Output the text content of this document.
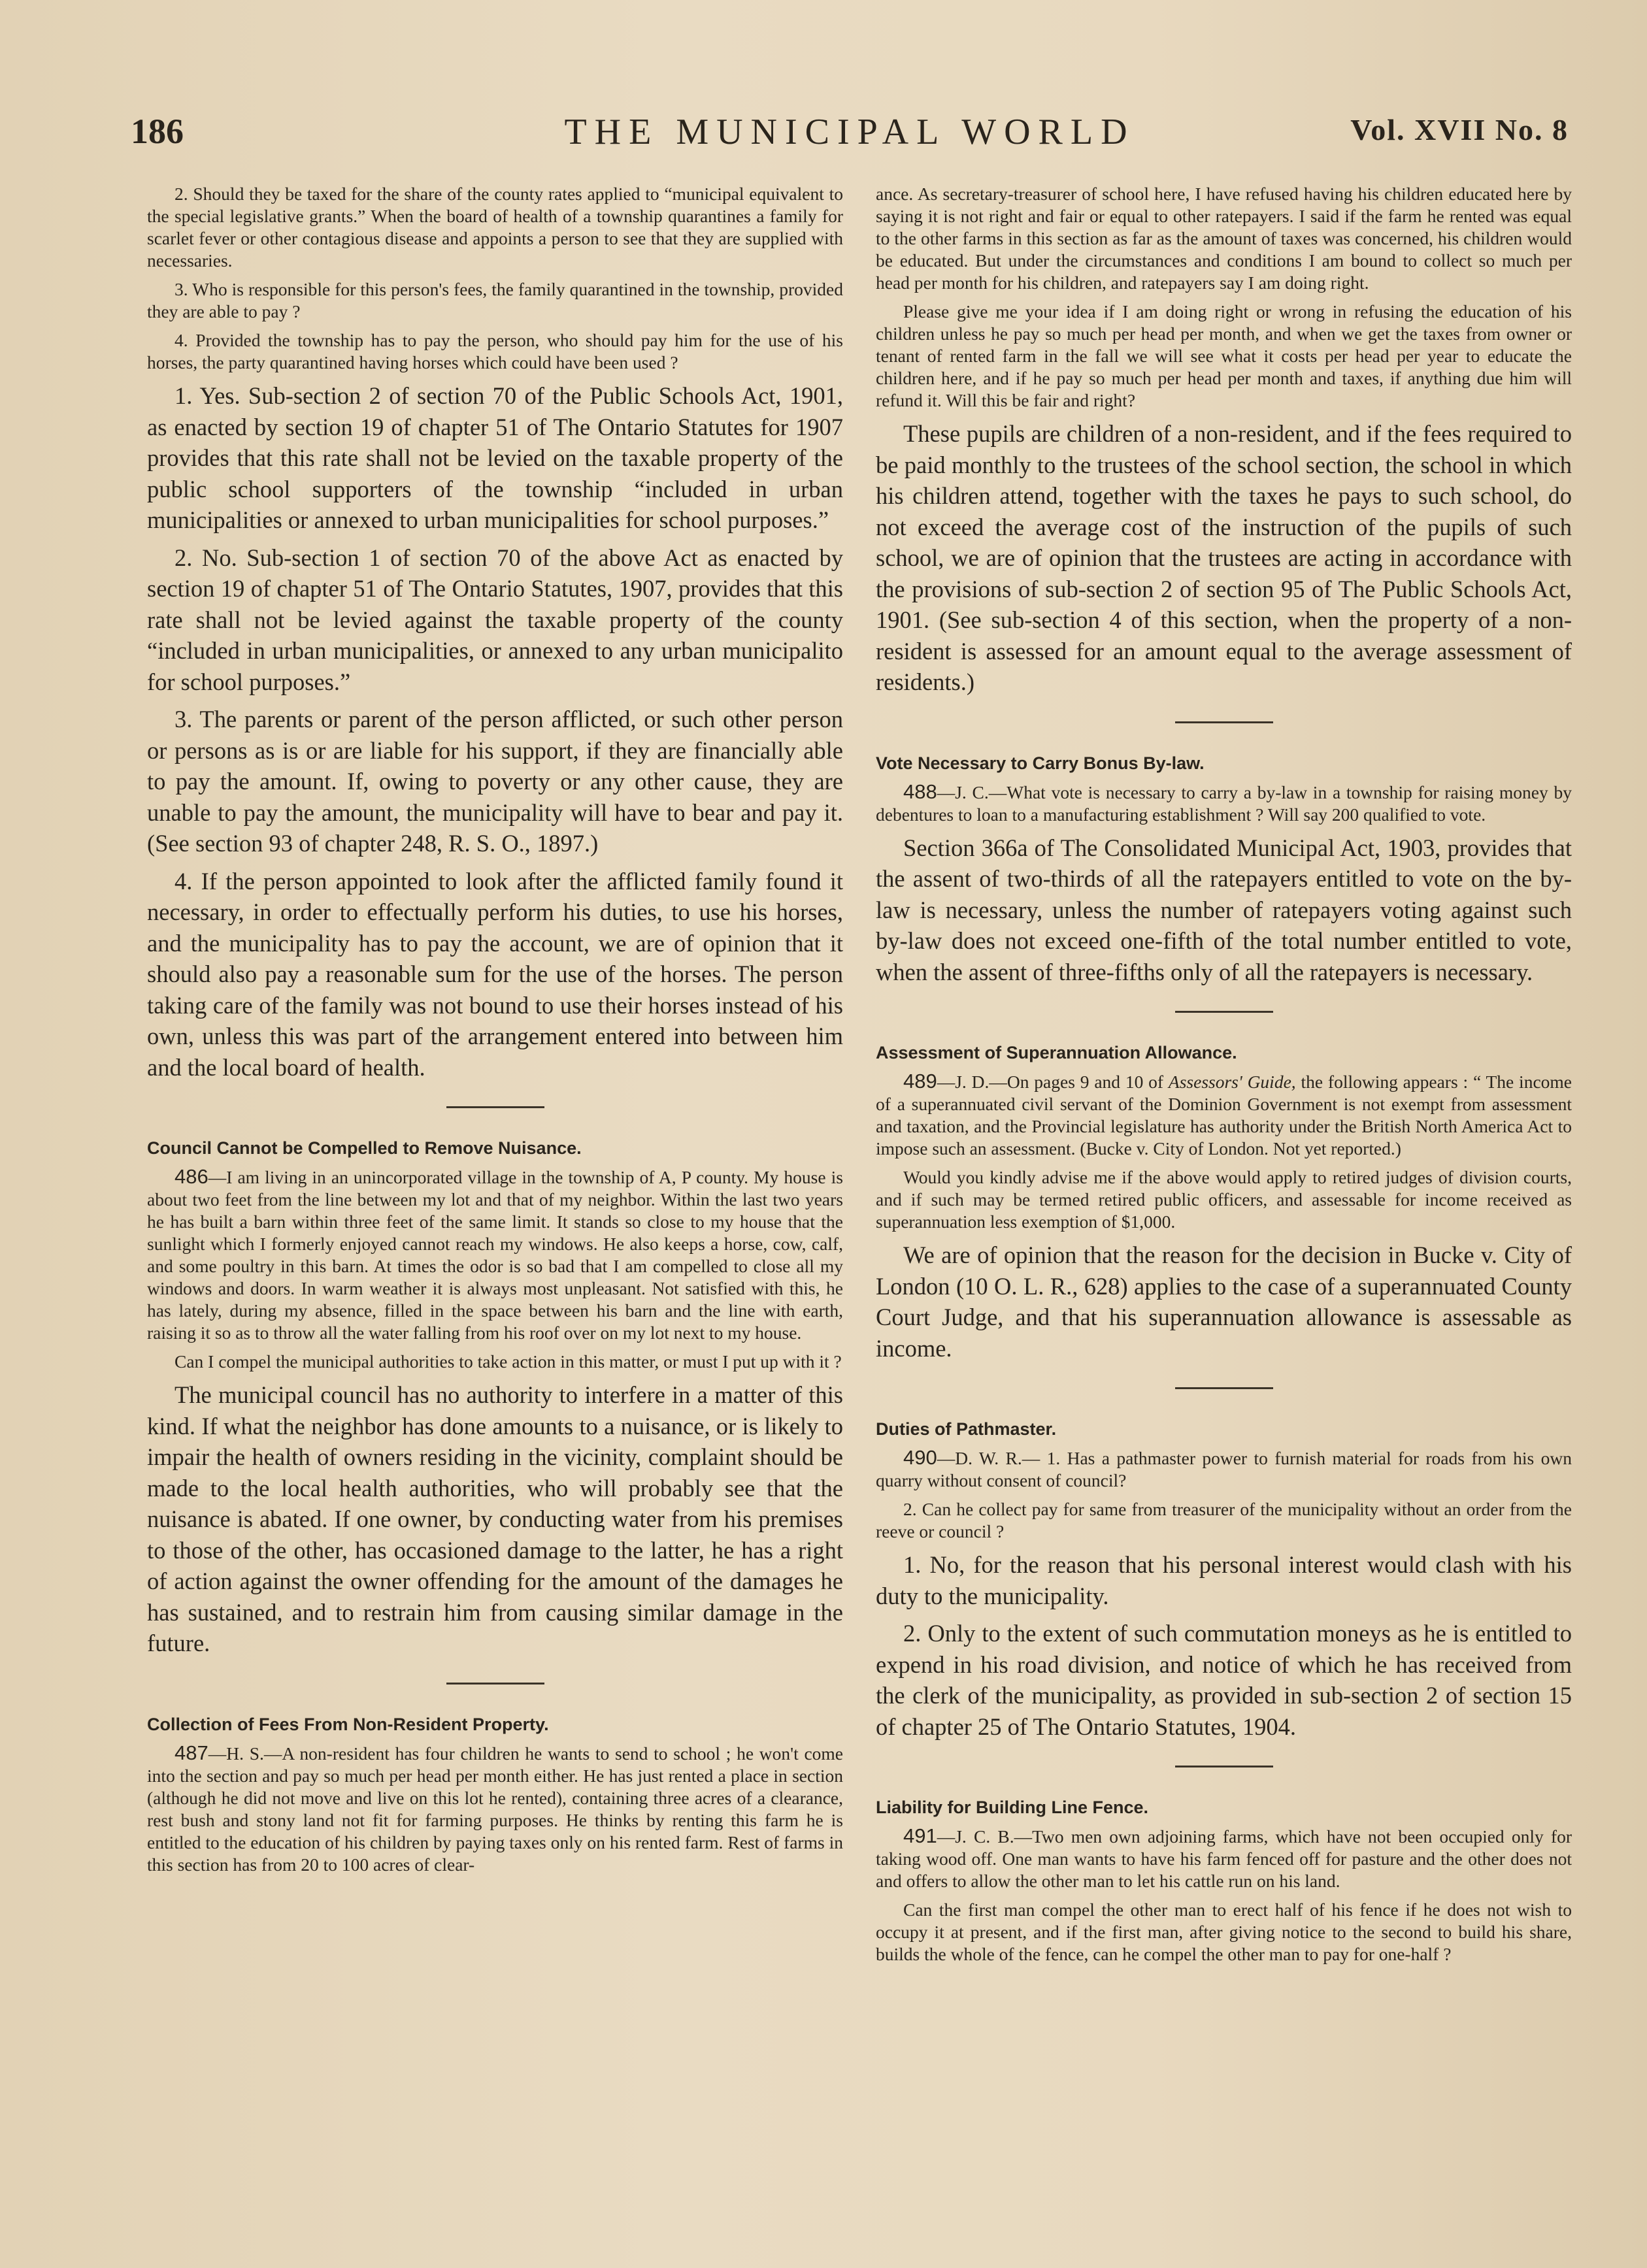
186	THE MUNICIPAL WORLD	Vol. XVII No. 8

2. Should they be taxed for the share of the county rates applied to “municipal equivalent to the special legislative grants.” When the board of health of a township quarantines a family for scarlet fever or other contagious disease and appoints a person to see that they are supplied with necessaries.

3. Who is responsible for this person's fees, the family quarantined in the township, provided they are able to pay ?

4. Provided the township has to pay the person, who should pay him for the use of his horses, the party quarantined having horses which could have been used ?

1. Yes. Sub-section 2 of section 70 of the Public Schools Act, 1901, as enacted by section 19 of chapter 51 of The Ontario Statutes for 1907 provides that this rate shall not be levied on the taxable property of the public school supporters of the township “included in urban municipalities or annexed to urban municipalities for school purposes.”

2. No. Sub-section 1 of section 70 of the above Act as enacted by section 19 of chapter 51 of The Ontario Statutes, 1907, provides that this rate shall not be levied against the taxable property of the county “included in urban municipalities, or annexed to any urban municipalito for school purposes.”

3. The parents or parent of the person afflicted, or such other person or persons as is or are liable for his support, if they are financially able to pay the amount. If, owing to poverty or any other cause, they are unable to pay the amount, the municipality will have to bear and pay it. (See section 93 of chapter 248, R. S. O., 1897.)

4. If the person appointed to look after the afflicted family found it necessary, in order to effectually perform his duties, to use his horses, and the municipality has to pay the account, we are of opinion that it should also pay a reasonable sum for the use of the horses. The person taking care of the family was not bound to use their horses instead of his own, unless this was part of the arrangement entered into between him and the local board of health.

Council Cannot be Compelled to Remove Nuisance.

486—I am living in an unincorporated village in the township of A, P county. My house is about two feet from the line between my lot and that of my neighbor. Within the last two years he has built a barn within three feet of the same limit. It stands so close to my house that the sunlight which I formerly enjoyed cannot reach my windows. He also keeps a horse, cow, calf, and some poultry in this barn. At times the odor is so bad that I am compelled to close all my windows and doors. In warm weather it is always most unpleasant. Not satisfied with this, he has lately, during my absence, filled in the space between his barn and the line with earth, raising it so as to throw all the water falling from his roof over on my lot next to my house.

Can I compel the municipal authorities to take action in this matter, or must I put up with it ?

The municipal council has no authority to interfere in a matter of this kind. If what the neighbor has done amounts to a nuisance, or is likely to impair the health of owners residing in the vicinity, complaint should be made to the local health authorities, who will probably see that the nuisance is abated. If one owner, by conducting water from his premises to those of the other, has occasioned damage to the latter, he has a right of action against the owner offending for the amount of the damages he has sustained, and to restrain him from causing similar damage in the future.

Collection of Fees From Non-Resident Property.

487—H. S.—A non-resident has four children he wants to send to school ; he won't come into the section and pay so much per head per month either. He has just rented a place in section (although he did not move and live on this lot he rented), containing three acres of a clearance, rest bush and stony land not fit for farming purposes. He thinks by renting this farm he is entitled to the education of his children by paying taxes only on his rented farm. Rest of farms in this section has from 20 to 100 acres of clear-

ance. As secretary-treasurer of school here, I have refused having his children educated here by saying it is not right and fair or equal to other ratepayers. I said if the farm he rented was equal to the other farms in this section as far as the amount of taxes was concerned, his children would be educated. But under the circumstances and conditions I am bound to collect so much per head per month for his children, and ratepayers say I am doing right.

Please give me your idea if I am doing right or wrong in refusing the education of his children unless he pay so much per head per month, and when we get the taxes from owner or tenant of rented farm in the fall we will see what it costs per head per year to educate the children here, and if he pay so much per head per month and taxes, if anything due him will refund it. Will this be fair and right?

These pupils are children of a non-resident, and if the fees required to be paid monthly to the trustees of the school section, the school in which his children attend, together with the taxes he pays to such school, do not exceed the average cost of the instruction of the pupils of such school, we are of opinion that the trustees are acting in accordance with the provisions of sub-section 2 of section 95 of The Public Schools Act, 1901. (See sub-section 4 of this section, when the property of a non-resident is assessed for an amount equal to the average assessment of residents.)

Vote Necessary to Carry Bonus By-law.

488—J. C.—What vote is necessary to carry a by-law in a township for raising money by debentures to loan to a manufacturing establishment ? Will say 200 qualified to vote.

Section 366a of The Consolidated Municipal Act, 1903, provides that the assent of two-thirds of all the ratepayers entitled to vote on the by-law is necessary, unless the number of ratepayers voting against such by-law does not exceed one-fifth of the total number entitled to vote, when the assent of three-fifths only of all the ratepayers is necessary.

Assessment of Superannuation Allowance.

489—J. D.—On pages 9 and 10 of Assessors' Guide, the following appears : “ The income of a superannuated civil servant of the Dominion Government is not exempt from assessment and taxation, and the Provincial legislature has authority under the British North America Act to impose such an assessment. (Bucke v. City of London. Not yet reported.)

Would you kindly advise me if the above would apply to retired judges of division courts, and if such may be termed retired public officers, and assessable for income received as superannuation less exemption of $1,000.

We are of opinion that the reason for the decision in Bucke v. City of London (10 O. L. R., 628) applies to the case of a superannuated County Court Judge, and that his superannuation allowance is assessable as income.

Duties of Pathmaster.

490—D. W. R.— 1. Has a pathmaster power to furnish material for roads from his own quarry without consent of council?

2. Can he collect pay for same from treasurer of the municipality without an order from the reeve or council ?

1. No, for the reason that his personal interest would clash with his duty to the municipality.

2. Only to the extent of such commutation moneys as he is entitled to expend in his road division, and notice of which he has received from the clerk of the municipality, as provided in sub-section 2 of section 15 of chapter 25 of The Ontario Statutes, 1904.

Liability for Building Line Fence.

491—J. C. B.—Two men own adjoining farms, which have not been occupied only for taking wood off. One man wants to have his farm fenced off for pasture and the other does not and offers to allow the other man to let his cattle run on his land.

Can the first man compel the other man to erect half of his fence if he does not wish to occupy it at present, and if the first man, after giving notice to the second to build his share, builds the whole of the fence, can he compel the other man to pay for one-half ?
